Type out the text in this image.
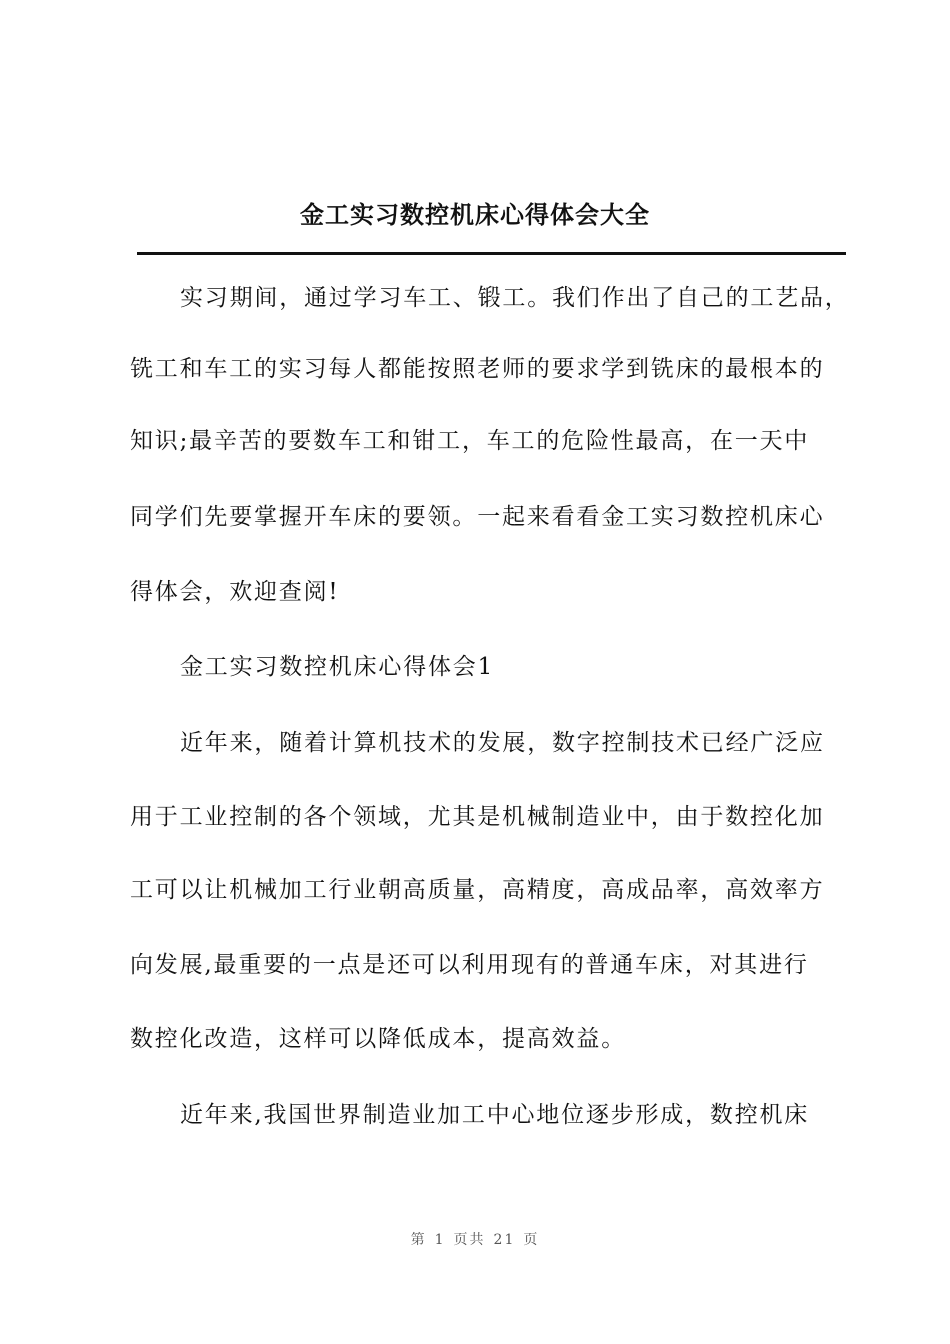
金工实习数控机床心得体会大全
实习期间，通过学习车工、锻工。我们作出了自己的工艺品，
铣工和车工的实习每人都能按照老师的要求学到铣床的最根本的
知识;最辛苦的要数车工和钳工，车工的危险性最高，在一天中
同学们先要掌握开车床的要领。一起来看看金工实习数控机床心
得体会，欢迎查阅!
金工实习数控机床心得体会1
近年来，随着计算机技术的发展，数字控制技术已经广泛应
用于工业控制的各个领域，尤其是机械制造业中，由于数控化加
工可以让机械加工行业朝高质量，高精度，高成品率，高效率方
向发展,最重要的一点是还可以利用现有的普通车床，对其进行
数控化改造，这样可以降低成本，提高效益。
近年来,我国世界制造业加工中心地位逐步形成，数控机床
第 1 页共 21 页
